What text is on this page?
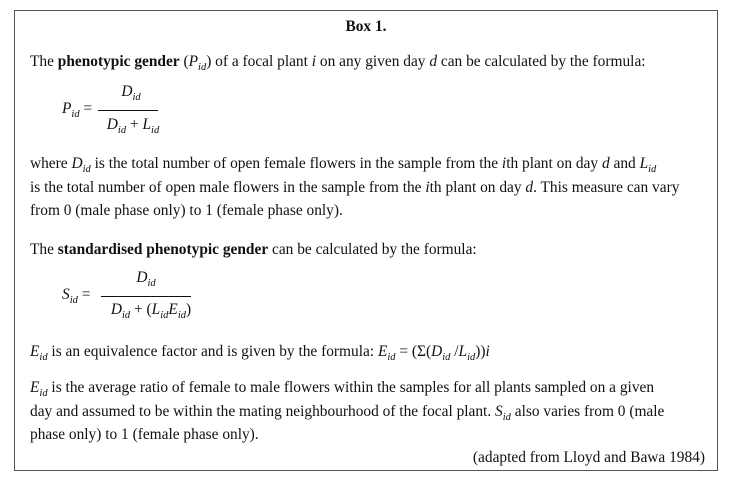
Box 1.
The phenotypic gender $(P_{id})$ of a focal plant i on any given day d can be calculated by the formula:
$P_{id}$ =
$D_{id}$
$D_{id} + L_{id}$
where $D_{id}$ is the total number of open female flowers in the sample from the ith plant on day d and $L_{id}$
is the total number of open male flowers in the sample from the ith plant on day d. This measure can vary
from 0 (male phase only) to 1 (female phase only).
The standardised phenotypic gender can be calculated by the formula:
$S_{id}$ =
$D_{id}$
$D_{id} + (L_{id}E_{id})$
$E_{id}$ is an equivalence factor and is given by the formula: $E_{id} = (\Sigma(D_{id}$ $/L_{id}))i$
$E_{id}$ is the average ratio of female to male flowers within the samples for all plants sampled on a given
day and assumed to be within the mating neighbourhood of the focal plant. $S_{id}$ also varies from 0 (male
phase only) to 1 (female phase only).
(adapted from Lloyd and Bawa 1984)
